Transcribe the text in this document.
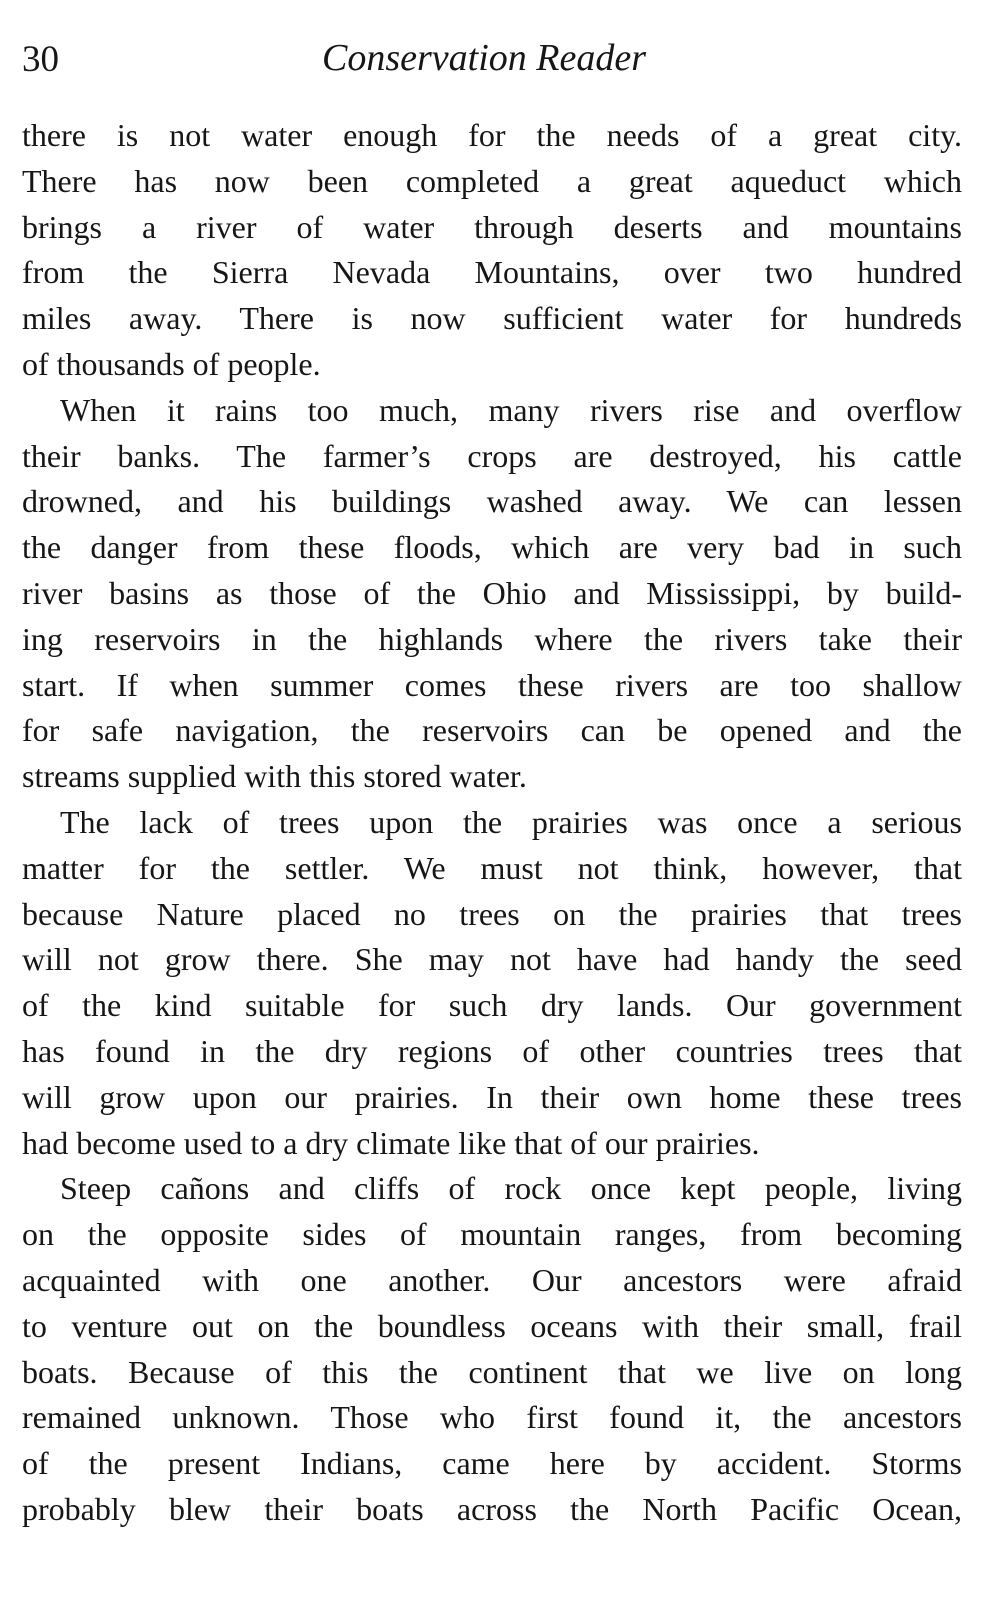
30	Conservation Reader

there is not water enough for the needs of a great city.
There has now been completed a great aqueduct which
brings a river of water through deserts and mountains
from the Sierra Nevada Mountains, over two hundred
miles away. There is now sufficient water for hundreds
of thousands of people.

When it rains too much, many rivers rise and overflow
their banks. The farmer’s crops are destroyed, his cattle
drowned, and his buildings washed away. We can lessen
the danger from these floods, which are very bad in such
river basins as those of the Ohio and Mississippi, by build-
ing reservoirs in the highlands where the rivers take their
start. If when summer comes these rivers are too shallow
for safe navigation, the reservoirs can be opened and the
streams supplied with this stored water.

The lack of trees upon the prairies was once a serious
matter for the settler. We must not think, however, that
because Nature placed no trees on the prairies that trees
will not grow there. She may not have had handy the seed
of the kind suitable for such dry lands. Our government
has found in the dry regions of other countries trees that
will grow upon our prairies. In their own home these trees
had become used to a dry climate like that of our prairies.

Steep cañons and cliffs of rock once kept people, living
on the opposite sides of mountain ranges, from becoming
acquainted with one another. Our ancestors were afraid
to venture out on the boundless oceans with their small, frail
boats. Because of this the continent that we live on long
remained unknown. Those who first found it, the ancestors
of the present Indians, came here by accident. Storms
probably blew their boats across the North Pacific Ocean,
